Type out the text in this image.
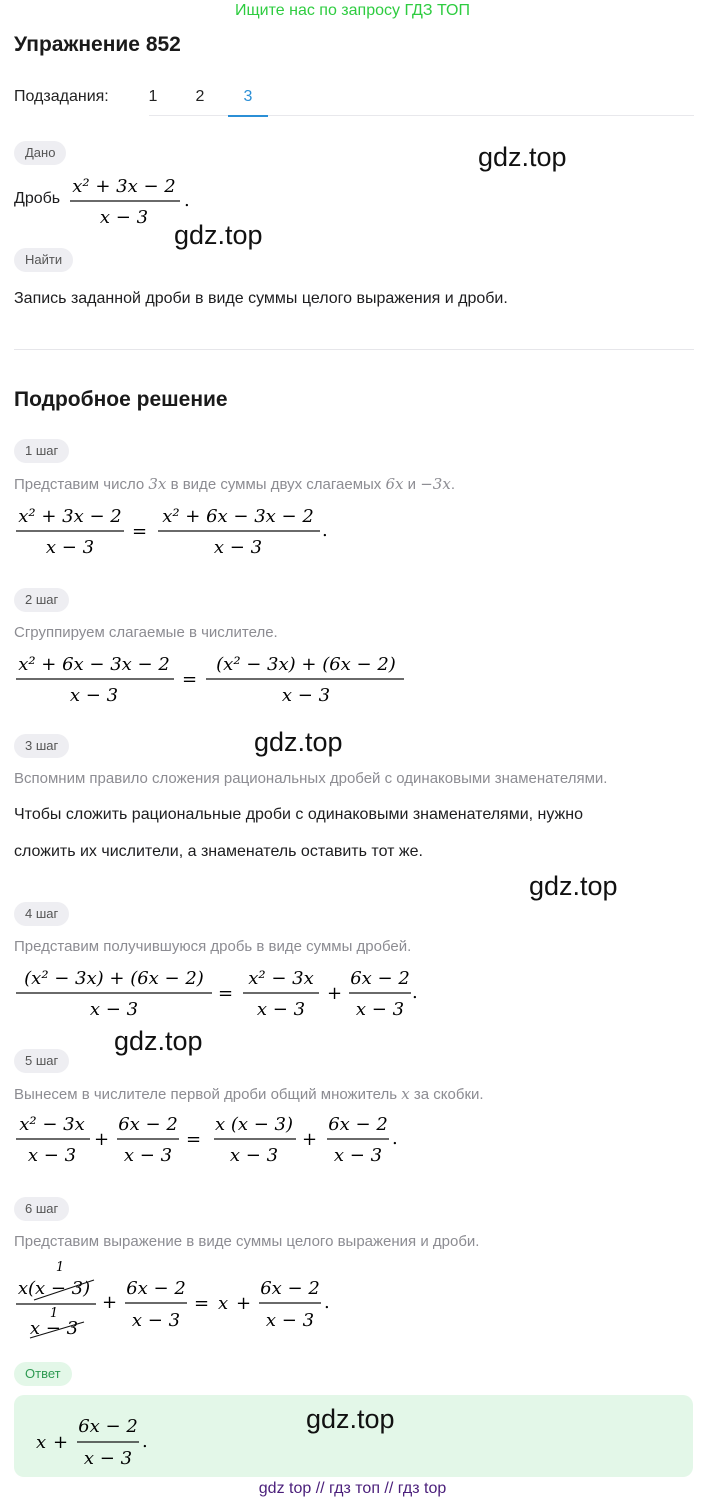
Ищите нас по запросу ГДЗ ТОП
Упражнение 852
Подзадания:	1	2	3
Дано
Дробь
x² + 3x − 2
x − 3
.
Найти
Запись заданной дроби в виде суммы целого выражения и дроби.
Подробное решение
1 шаг
Представим число 3x в виде суммы двух слагаемых 6x и −3x.
x² + 3x − 2
x − 3
=
x² + 6x − 3x − 2
x − 3
.
2 шаг
Сгруппируем слагаемые в числителе.
x² + 6x − 3x − 2
x − 3
=
(x² − 3x) + (6x − 2)
x − 3
3 шаг
Вспомним правило сложения рациональных дробей с одинаковыми знаменателями.
Чтобы сложить рациональные дроби с одинаковыми знаменателями, нужно
сложить их числители, а знаменатель оставить тот же.
4 шаг
Представим получившуюся дробь в виде суммы дробей.
(x² − 3x) + (6x − 2)
x − 3
=
x² − 3x
x − 3
+
6x − 2
x − 3
.
5 шаг
Вынесем в числителе первой дроби общий множитель x за скобки.
x² − 3x
x − 3
+
6x − 2
x − 3
=
x (x − 3)
x − 3
+
6x − 2
x − 3
.
6 шаг
Представим выражение в виде суммы целого выражения и дроби.
1
x(x − 3)
1
x − 3
+
6x − 2
x − 3
= x +
6x − 2
x − 3
.
Ответ
x +
6x − 2
x − 3
.
gdz.top
gdz.top
gdz.top
gdz.top
gdz.top
gdz.top
gdz top // гдз топ // гдз top
